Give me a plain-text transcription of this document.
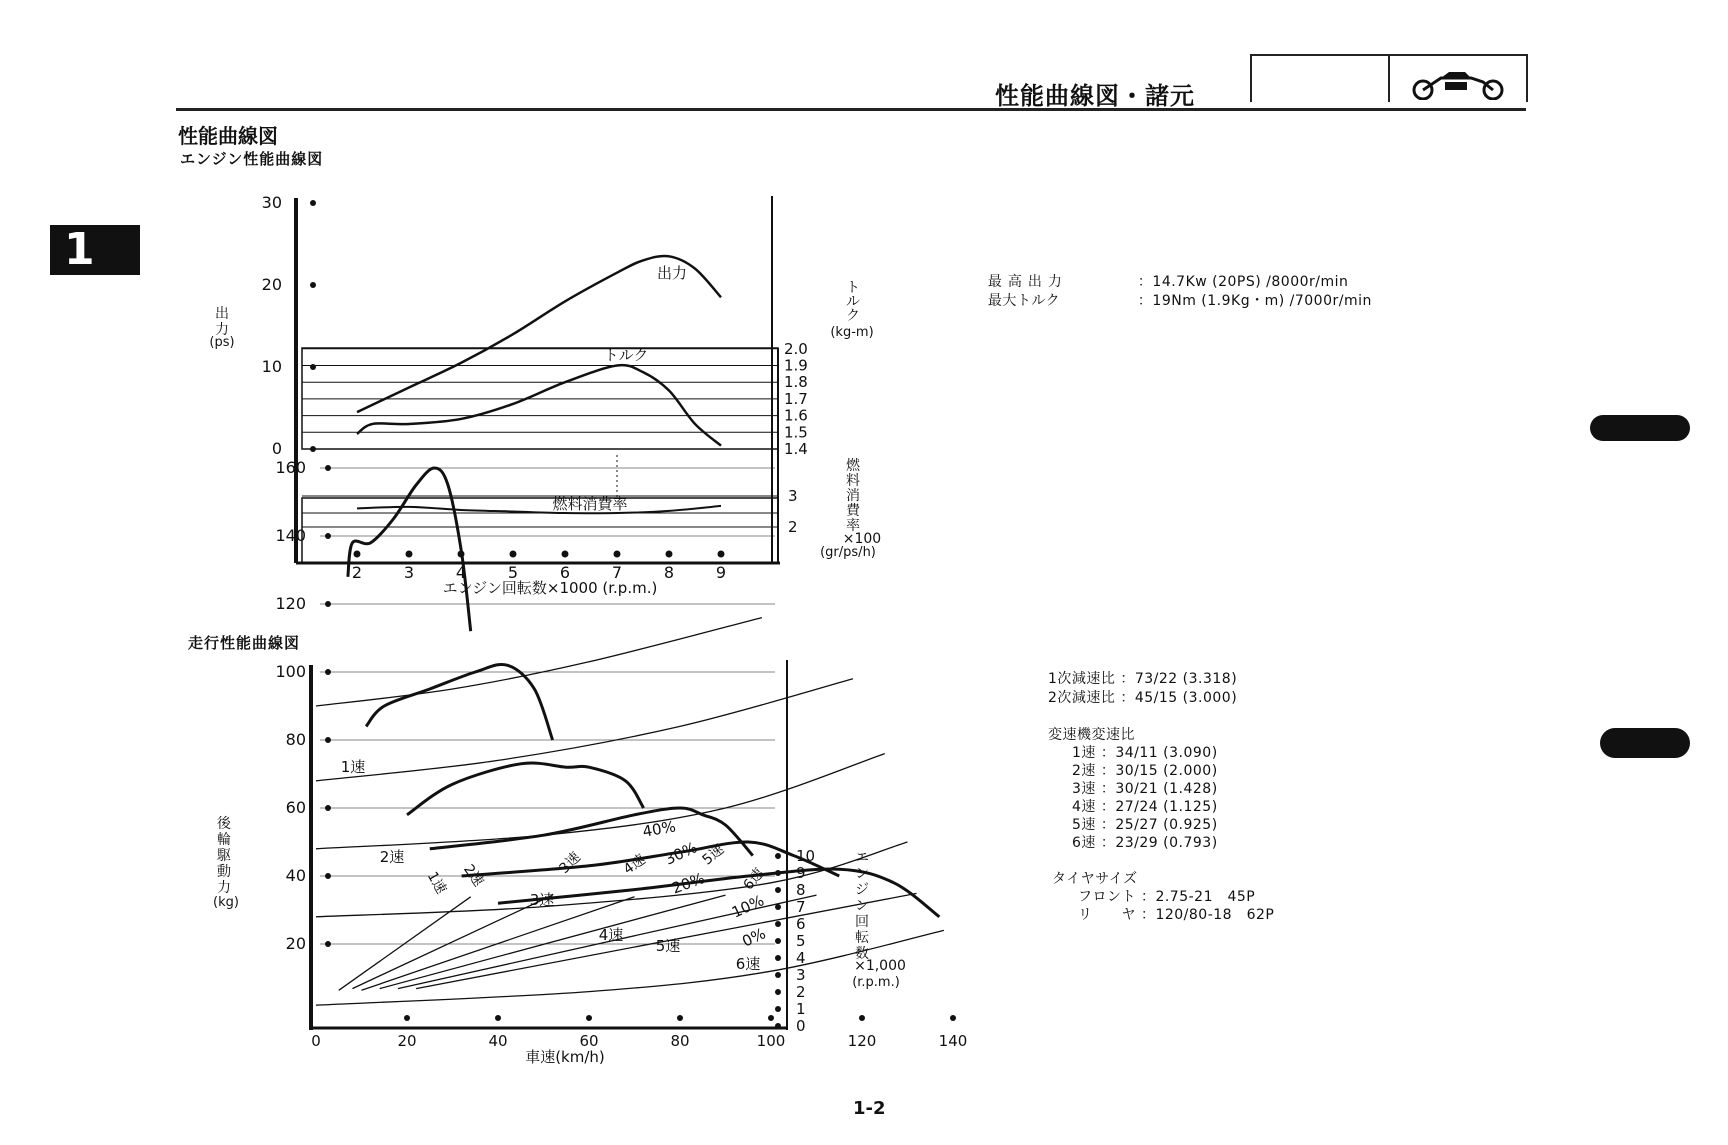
性能曲線図・諸元
1
性能曲線図
エンジン性能曲線図
走行性能曲線図

最高出力	：14.7Kw (20PS) /8000r/min

最大トルク	：19Nm (1.9Kg・m) /7000r/min

1次減速比 ：73/22 (3.318)
2次減速比 ：45/15 (3.000)
変速機変速比
1速 ：34/11 (3.090)
2速 ：30/15 (2.000)
3速 ：30/21 (1.428)
4速 ：27/24 (1.125)
5速 ：25/27 (0.925)
6速 ：23/29 (0.793)
タイヤサイズ
フロント ：2.75-21　45P
リ　　ヤ ：120/80-18　62P
1-2
0
10
20
30
出
力
(ps)
1.4
1.5
1.6
1.7
1.8
1.9
2.0
ト
ル
ク
(kg-m)
2
3
燃
料
消
費
率
×100
(gr/ps/h)
2	3	4	5	6	7	8	9
エンジン回転数×1000 (r.p.m.)
出力
トルク
燃料消費率
20
40
60
80
100
120
140
160
後
輪
駆
動
力
(kg)
0
1
2
3
4
5
6
7
8
9
10	エ
ン
ジ
ン
回
転
数
×1,000
(r.p.m.)
0	20	40	60	80	100	120	140
車速(km/h)
40%
30%
20%
10%
0%
1速 2速	3速	4速	5速
6速
1速
2速
3速
4速
5速
6速
